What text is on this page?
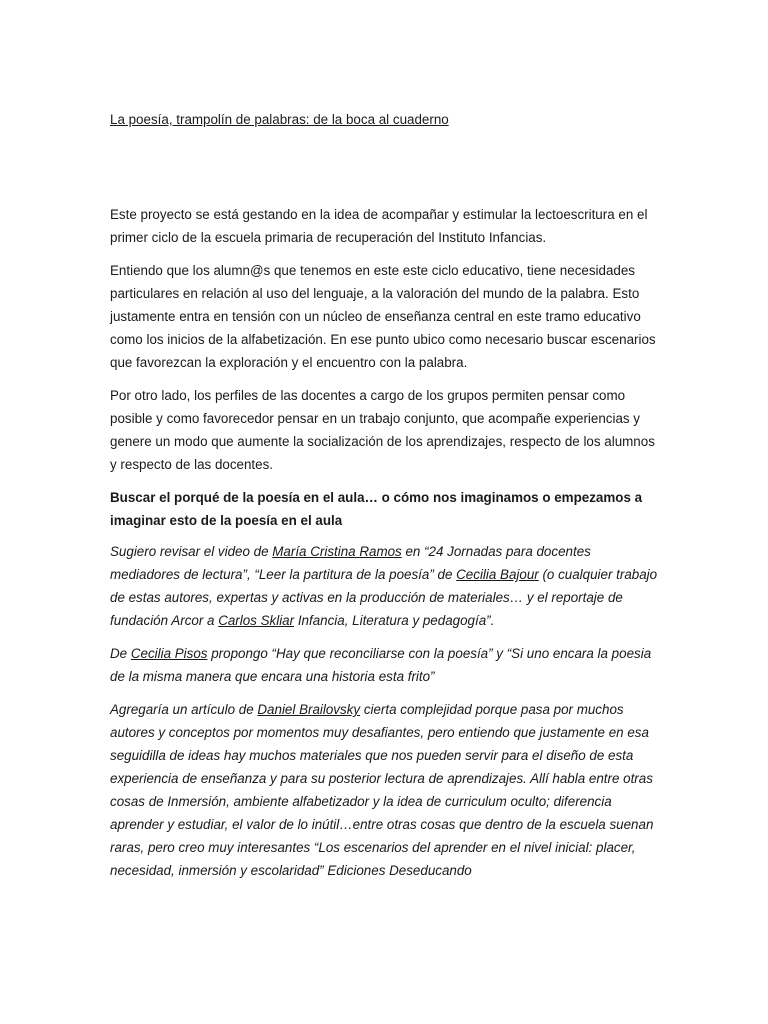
La poesía, trampolín de palabras: de la boca al cuaderno

Este proyecto se está gestando en la idea de acompañar y estimular la lectoescritura en el primer ciclo de la escuela primaria de recuperación del Instituto Infancias.

Entiendo que los alumn@s que tenemos en este este ciclo educativo, tiene necesidades particulares en relación al uso del lenguaje, a la valoración del mundo de la palabra. Esto justamente entra en tensión con un núcleo de enseñanza central en este tramo educativo como los inicios de la alfabetización. En ese punto ubico como necesario buscar escenarios que favorezcan la exploración y el encuentro con la palabra.

Por otro lado, los perfiles de las docentes a cargo de los grupos permiten pensar como posible y como favorecedor pensar en un trabajo conjunto, que acompañe experiencias y genere un modo que aumente la socialización de los aprendizajes, respecto de los alumnos y respecto de las docentes.

Buscar el porqué de la poesía en el aula… o cómo nos imaginamos o empezamos a imaginar esto de la poesía en el aula

Sugiero revisar el video de María Cristina Ramos en “24 Jornadas para docentes mediadores de lectura”, “Leer la partitura de la poesía” de Cecilia Bajour (o cualquier trabajo de estas autores, expertas y activas en la producción de materiales… y el reportaje de fundación Arcor a Carlos Skliar Infancia, Literatura y pedagogía”.

De Cecilia Pisos propongo “Hay que reconciliarse con la poesía” y “Si uno encara la poesia de la misma manera que encara una historia esta frito”

Agregaría un artículo de Daniel Brailovsky cierta complejidad porque pasa por muchos autores y conceptos por momentos muy desafiantes, pero entiendo que justamente en esa seguidilla de ideas hay muchos materiales que nos pueden servir para el diseño de esta experiencia de enseñanza y para su posterior lectura de aprendizajes. Allí habla entre otras cosas de Inmersión, ambiente alfabetizador y la idea de curriculum oculto; diferencia aprender y estudiar, el valor de lo inútil…entre otras cosas que dentro de la escuela suenan raras, pero creo muy interesantes “Los escenarios del aprender en el nivel inicial: placer, necesidad, inmersión y escolaridad” Ediciones Deseducando
